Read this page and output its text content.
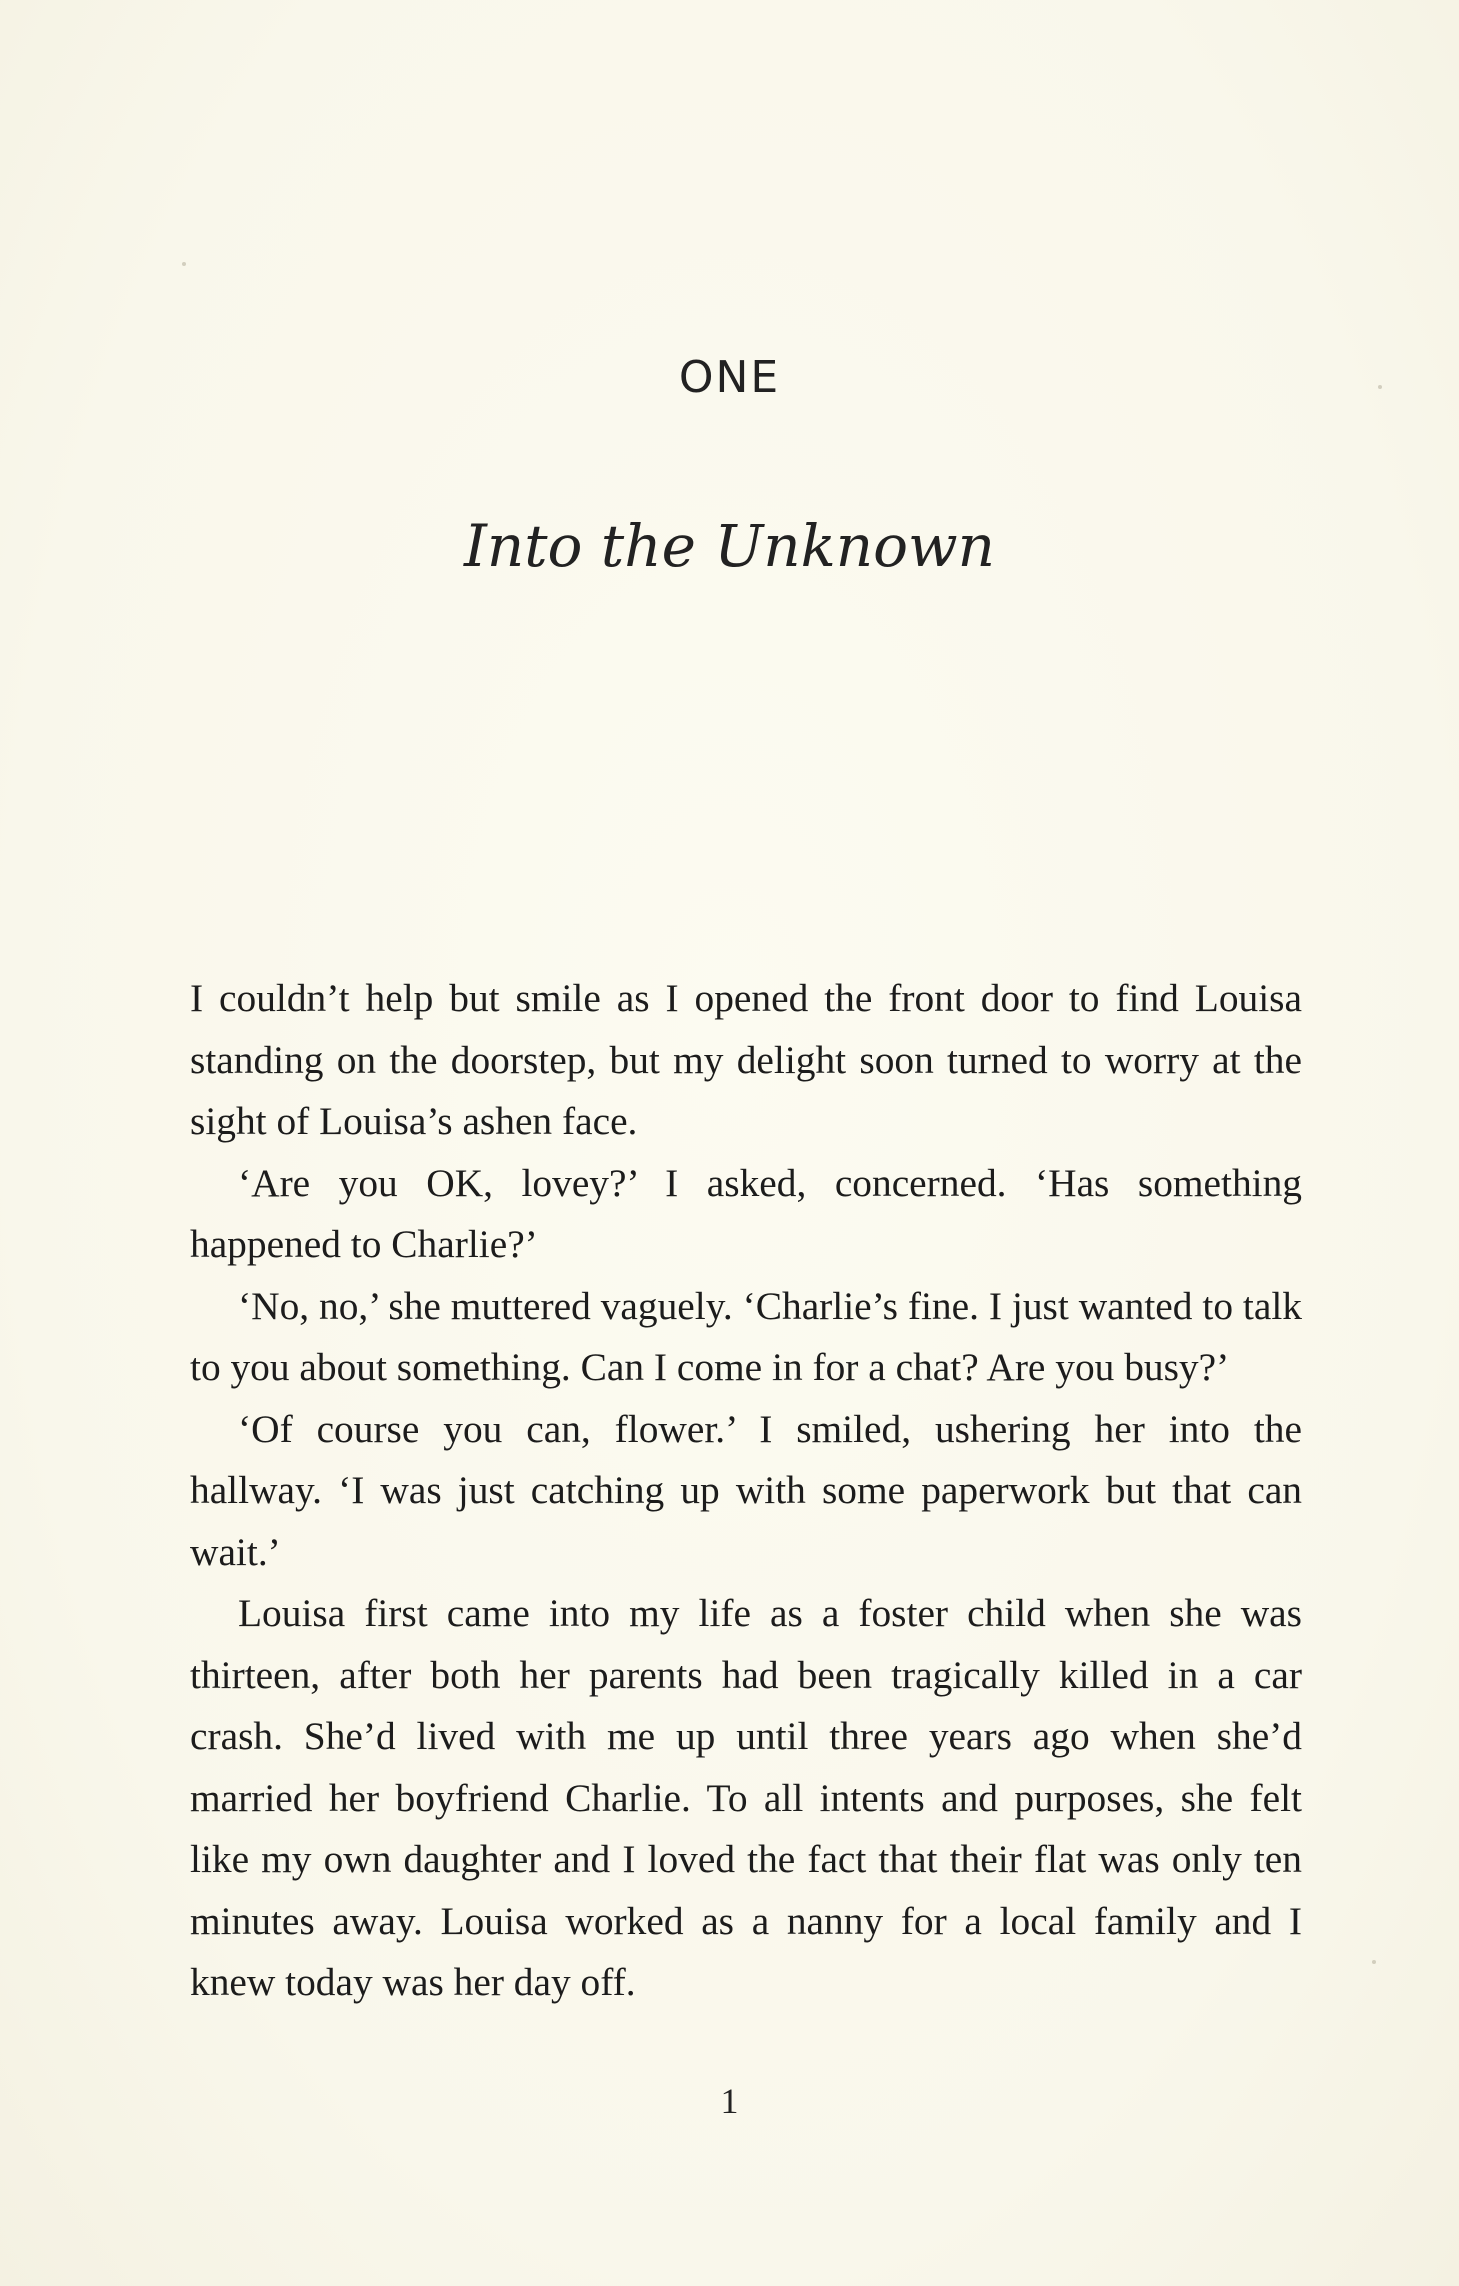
ONE
Into the Unknown

I couldn’t help but smile as I opened the front door to find Louisa standing on the doorstep, but my delight soon turned to worry at the sight of Louisa’s ashen face.

‘Are you OK, lovey?’ I asked, concerned. ‘Has something happened to Charlie?’

‘No, no,’ she muttered vaguely. ‘Charlie’s fine. I just wanted to talk to you about something. Can I come in for a chat? Are you busy?’

‘Of course you can, flower.’ I smiled, ushering her into the hallway. ‘I was just catching up with some paperwork but that can wait.’

Louisa first came into my life as a foster child when she was thirteen, after both her parents had been tragically killed in a car crash. She’d lived with me up until three years ago when she’d married her boyfriend Charlie. To all intents and purposes, she felt like my own daughter and I loved the fact that their flat was only ten minutes away. Louisa worked as a nanny for a local family and I knew today was her day off.

1
